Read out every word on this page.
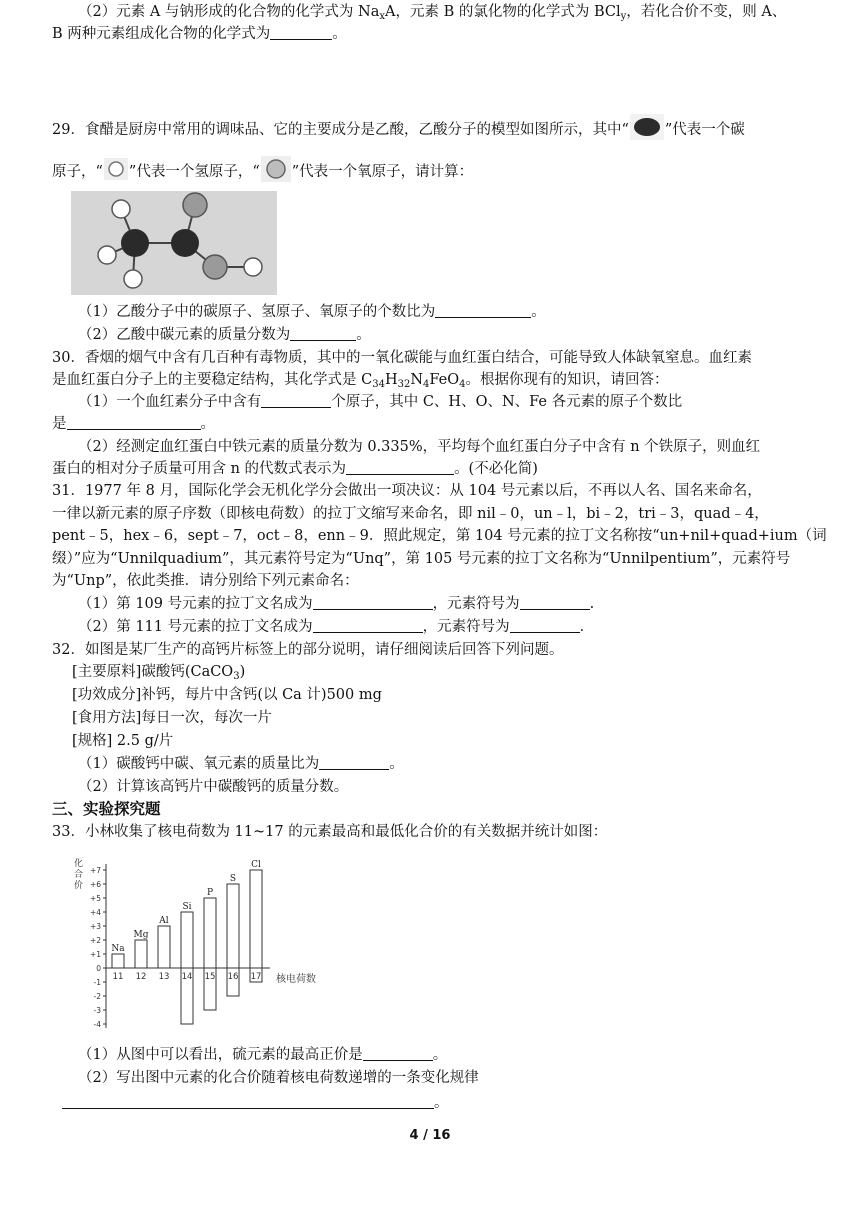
（2）元素 A 与钠形成的化合物的化学式为 $Na_xA$，元素 B 的氯化物的化学式为 BCl$_y$，若化合价不变，则 A、
B 两种元素组成化合物的化学式为	。
29．食醋是厨房中常用的调味品、它的主要成分是乙酸，乙酸分子的模型如图所示，其中“ ”代表一个碳
原子，“ ”代表一个氢原子，“ ”代表一个氧原子，请计算：
（1）乙酸分子中的碳原子、氢原子、氧原子的个数比为	。
（2）乙酸中碳元素的质量分数为	。
30．香烟的烟气中含有几百种有毒物质，其中的一氧化碳能与血红蛋白结合，可能导致人体缺氧窒息。血红素
是血红蛋白分子上的主要稳定结构，其化学式是 $C_{34}H_{32}N_4FeO_4$。根据你现有的知识，请回答：
（1）一个血红素分子中含有	个原子，其中 C、H、O、N、Fe 各元素的原子个数比
是	。
（2）经测定血红蛋白中铁元素的质量分数为 0.335%，平均每个血红蛋白分子中含有 n 个铁原子，则血红
蛋白的相对分子质量可用含 n 的代数式表示为	。(不必化简)
31．1977 年 8 月，国际化学会无机化学分会做出一项决议：从 104 号元素以后，不再以人名、国名来命名，
一律以新元素的原子序数（即核电荷数）的拉丁文缩写来命名，即 nil﹣0，un﹣l，bi﹣2，tri﹣3，quad﹣4，
pent﹣5，hex﹣6，sept﹣7，oct﹣8，enn﹣9．照此规定，第 104 号元素的拉丁文名称按“un+nil+quad+ium（词
缀）”应为“Unnilquadium”，其元素符号定为“Unq”，第 105 号元素的拉丁文名称为“Unnilpentium”，元素符号
为“Unp”，依此类推．请分别给下列元素命名：
（1）第 109 号元素的拉丁文名成为	，元素符号为	.
（2）第 111 号元素的拉丁文名成为	，元素符号为	．
32．如图是某厂生产的高钙片标签上的部分说明，请仔细阅读后回答下列问题。
[主要原料]碳酸钙(CaCO$_3$)
[功效成分]补钙，每片中含钙(以 Ca 计)500 mg
[食用方法]每日一次，每次一片
[规格] 2.5 g/片
（1）碳酸钙中碳、氧元素的质量比为	。
（2）计算该高钙片中碳酸钙的质量分数。
三、实验探究题
33．小林收集了核电荷数为 11~17 的元素最高和最低化合价的有关数据并统计如图：
化合价
核电荷数
+7
+6
+5
+4
+3
+2
+1
0
-1
-2
-3
-4
Na
11
Mg
12
Al
13
Si
14
P
15
S
16
Cl
17
（1）从图中可以看出，硫元素的最高正价是	。
（2）写出图中元素的化合价随着核电荷数递增的一条变化规律
。
4 / 16
